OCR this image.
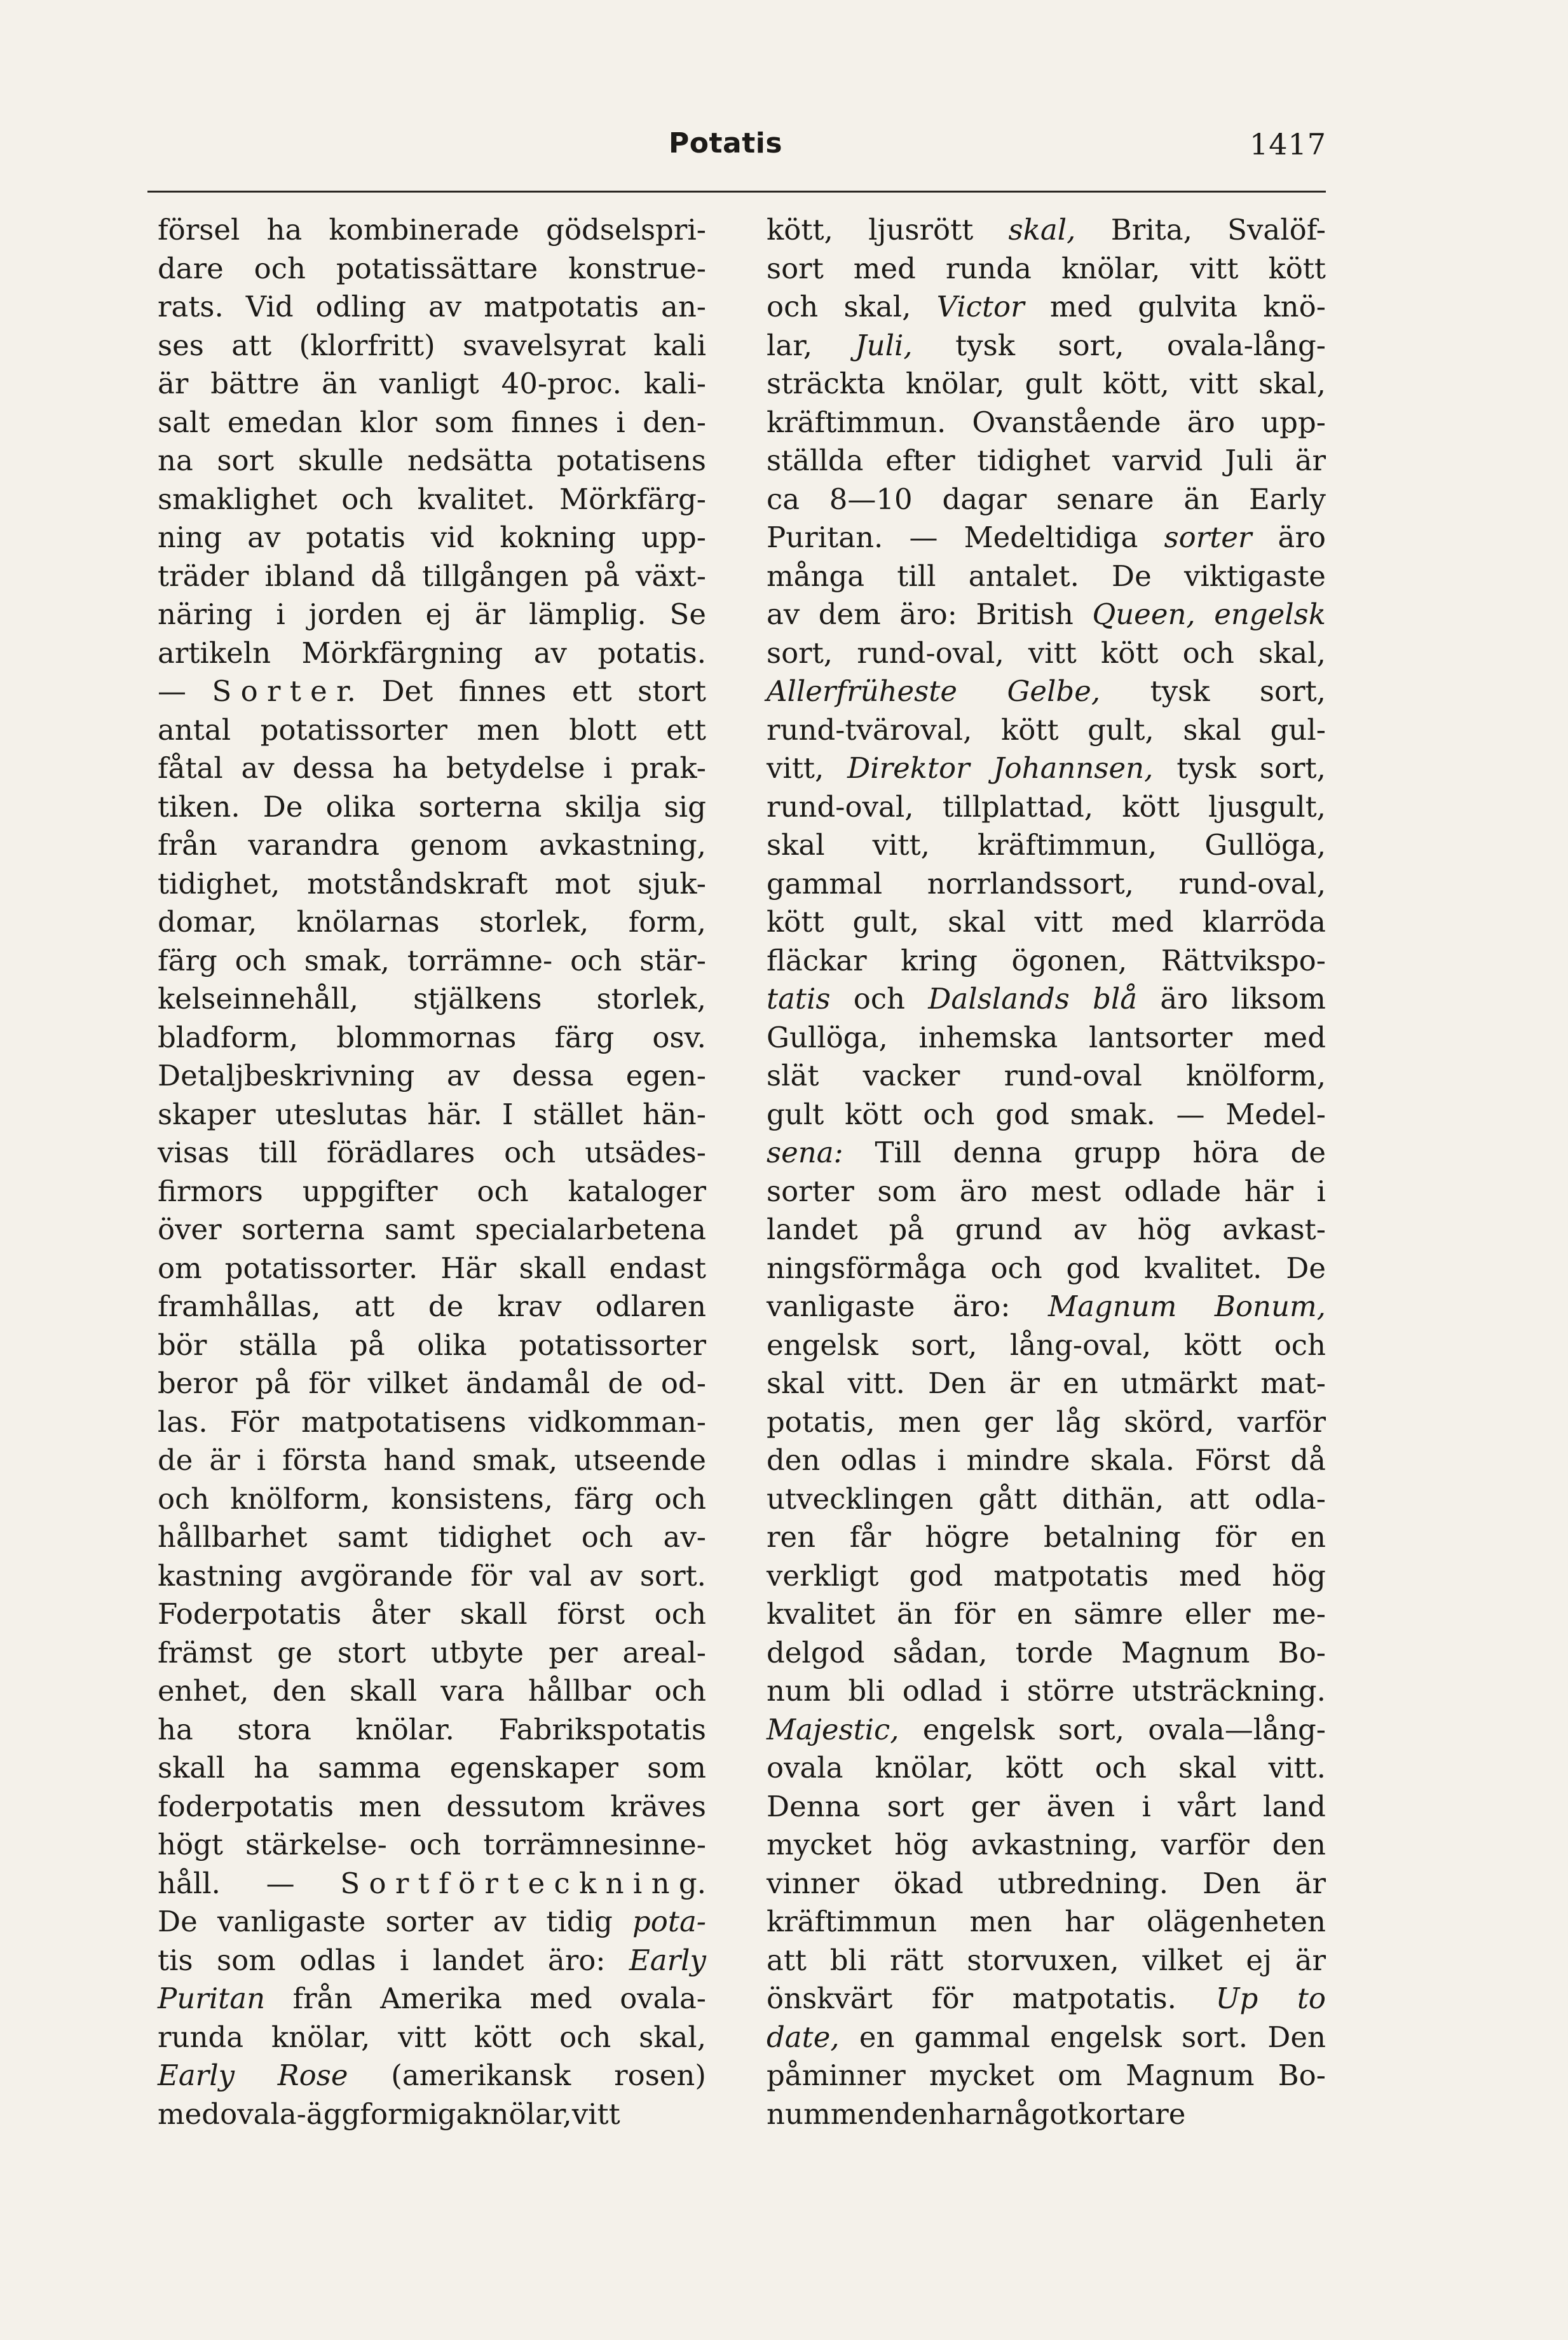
Potatis	1417
försel ha kombinerade gödselspri-
dare och potatissättare konstrue-
rats. Vid odling av matpotatis an-
ses att (klorfritt) svavelsyrat kali
är bättre än vanligt 40-proc. kali-
salt emedan klor som finnes i den-
na sort skulle nedsätta potatisens
smaklighet och kvalitet. Mörkfärg-
ning av potatis vid kokning upp-
träder ibland då tillgången på växt-
näring i jorden ej är lämplig. Se
artikeln Mörkfärgning av potatis.
— S o r t e r. Det finnes ett stort
antal potatissorter men blott ett
fåtal av dessa ha betydelse i prak-
tiken. De olika sorterna skilja sig
från varandra genom avkastning,
tidighet, motståndskraft mot sjuk-
domar, knölarnas storlek, form,
färg och smak, torrämne- och stär-
kelseinnehåll, stjälkens storlek,
bladform, blommornas färg osv.
Detaljbeskrivning av dessa egen-
skaper uteslutas här. I stället hän-
visas till förädlares och utsädes-
firmors uppgifter och kataloger
över sorterna samt specialarbetena
om potatissorter. Här skall endast
framhållas, att de krav odlaren
bör ställa på olika potatissorter
beror på för vilket ändamål de od-
las. För matpotatisens vidkomman-
de är i första hand smak, utseende
och knölform, konsistens, färg och
hållbarhet samt tidighet och av-
kastning avgörande för val av sort.
Foderpotatis åter skall först och
främst ge stort utbyte per areal-
enhet, den skall vara hållbar och
ha stora knölar. Fabrikspotatis
skall ha samma egenskaper som
foderpotatis men dessutom kräves
högt stärkelse- och torrämnesinne-
håll. — S o r t f ö r t e c k n i n g.
De vanligaste sorter av tidig pota-
tis som odlas i landet äro: Early
Puritan från Amerika med ovala-
runda knölar, vitt kött och skal,
Early Rose (amerikansk rosen)
med ovala-äggformiga knölar, vitt
kött, ljusrött skal, Brita, Svalöf-
sort med runda knölar, vitt kött
och skal, Victor med gulvita knö-
lar, Juli, tysk sort, ovala-lång-
sträckta knölar, gult kött, vitt skal,
kräftimmun. Ovanstående äro upp-
ställda efter tidighet varvid Juli är
ca 8—10 dagar senare än Early
Puritan. — Medeltidiga sorter äro
många till antalet. De viktigaste
av dem äro: British Queen, engelsk
sort, rund-oval, vitt kött och skal,
Allerfrüheste Gelbe, tysk sort,
rund-tväroval, kött gult, skal gul-
vitt, Direktor Johannsen, tysk sort,
rund-oval, tillplattad, kött ljusgult,
skal vitt, kräftimmun, Gullöga,
gammal norrlandssort, rund-oval,
kött gult, skal vitt med klarröda
fläckar kring ögonen, Rättvikspo-
tatis och Dalslands blå äro liksom
Gullöga, inhemska lantsorter med
slät vacker rund-oval knölform,
gult kött och god smak. — Medel-
sena: Till denna grupp höra de
sorter som äro mest odlade här i
landet på grund av hög avkast-
ningsförmåga och god kvalitet. De
vanligaste äro: Magnum Bonum,
engelsk sort, lång-oval, kött och
skal vitt. Den är en utmärkt mat-
potatis, men ger låg skörd, varför
den odlas i mindre skala. Först då
utvecklingen gått dithän, att odla-
ren får högre betalning för en
verkligt god matpotatis med hög
kvalitet än för en sämre eller me-
delgod sådan, torde Magnum Bo-
num bli odlad i större utsträckning.
Majestic, engelsk sort, ovala—lång-
ovala knölar, kött och skal vitt.
Denna sort ger även i vårt land
mycket hög avkastning, varför den
vinner ökad utbredning. Den är
kräftimmun men har olägenheten
att bli rätt storvuxen, vilket ej är
önskvärt för matpotatis. Up to
date, en gammal engelsk sort. Den
påminner mycket om Magnum Bo-
num men den har något kortare
